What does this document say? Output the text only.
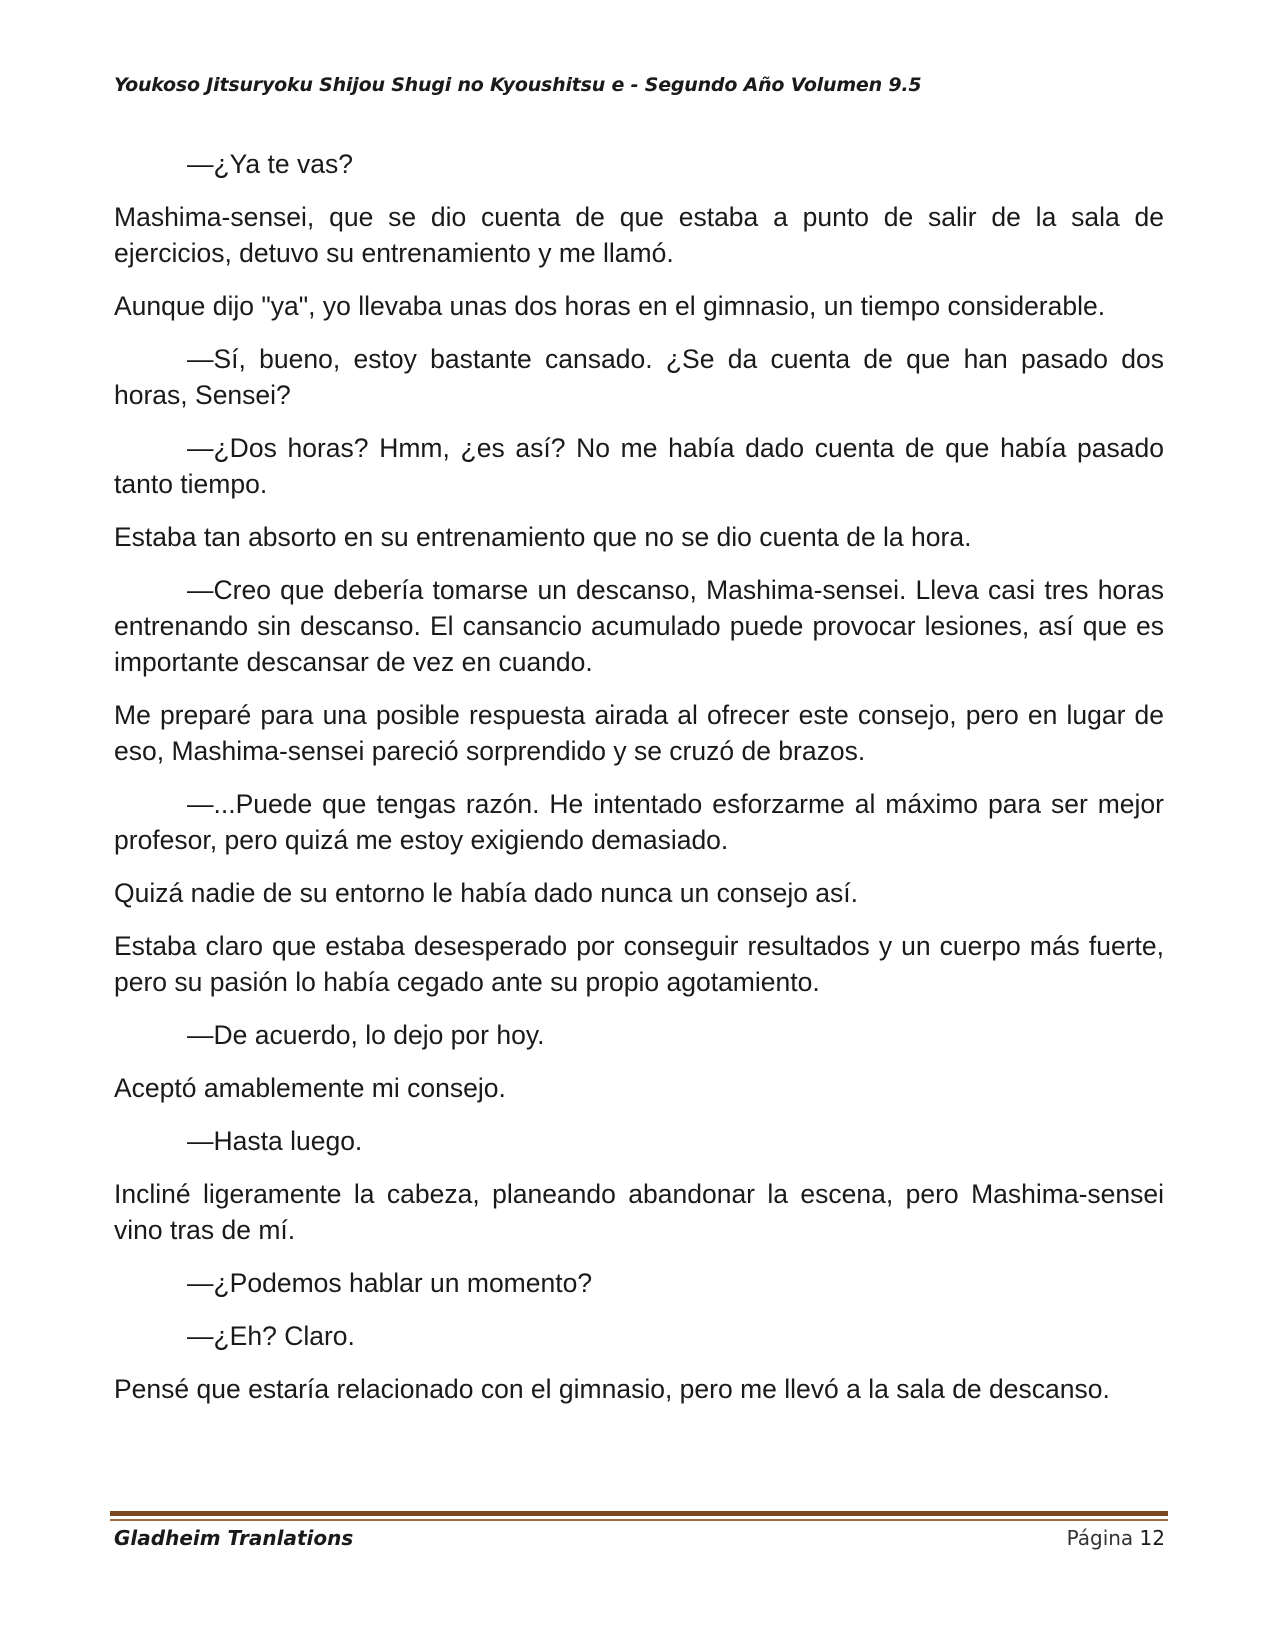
Youkoso Jitsuryoku Shijou Shugi no Kyoushitsu e - Segundo Año Volumen 9.5

—¿Ya te vas?

Mashima-sensei, que se dio cuenta de que estaba a punto de salir de la sala de ejercicios, detuvo su entrenamiento y me llamó.

Aunque dijo "ya", yo llevaba unas dos horas en el gimnasio, un tiempo considerable.

—Sí, bueno, estoy bastante cansado. ¿Se da cuenta de que han pasado dos horas, Sensei?

—¿Dos horas? Hmm, ¿es así? No me había dado cuenta de que había pasado tanto tiempo.

Estaba tan absorto en su entrenamiento que no se dio cuenta de la hora.

—Creo que debería tomarse un descanso, Mashima-sensei. Lleva casi tres horas entrenando sin descanso. El cansancio acumulado puede provocar lesiones, así que es importante descansar de vez en cuando.

Me preparé para una posible respuesta airada al ofrecer este consejo, pero en lugar de eso, Mashima-sensei pareció sorprendido y se cruzó de brazos.

—...Puede que tengas razón. He intentado esforzarme al máximo para ser mejor profesor, pero quizá me estoy exigiendo demasiado.

Quizá nadie de su entorno le había dado nunca un consejo así.

Estaba claro que estaba desesperado por conseguir resultados y un cuerpo más fuerte, pero su pasión lo había cegado ante su propio agotamiento.

—De acuerdo, lo dejo por hoy.

Aceptó amablemente mi consejo.

—Hasta luego.

Incliné ligeramente la cabeza, planeando abandonar la escena, pero Mashima-sensei vino tras de mí.

—¿Podemos hablar un momento?

—¿Eh? Claro.

Pensé que estaría relacionado con el gimnasio, pero me llevó a la sala de descanso.

Gladheim Tranlations	Página 12
